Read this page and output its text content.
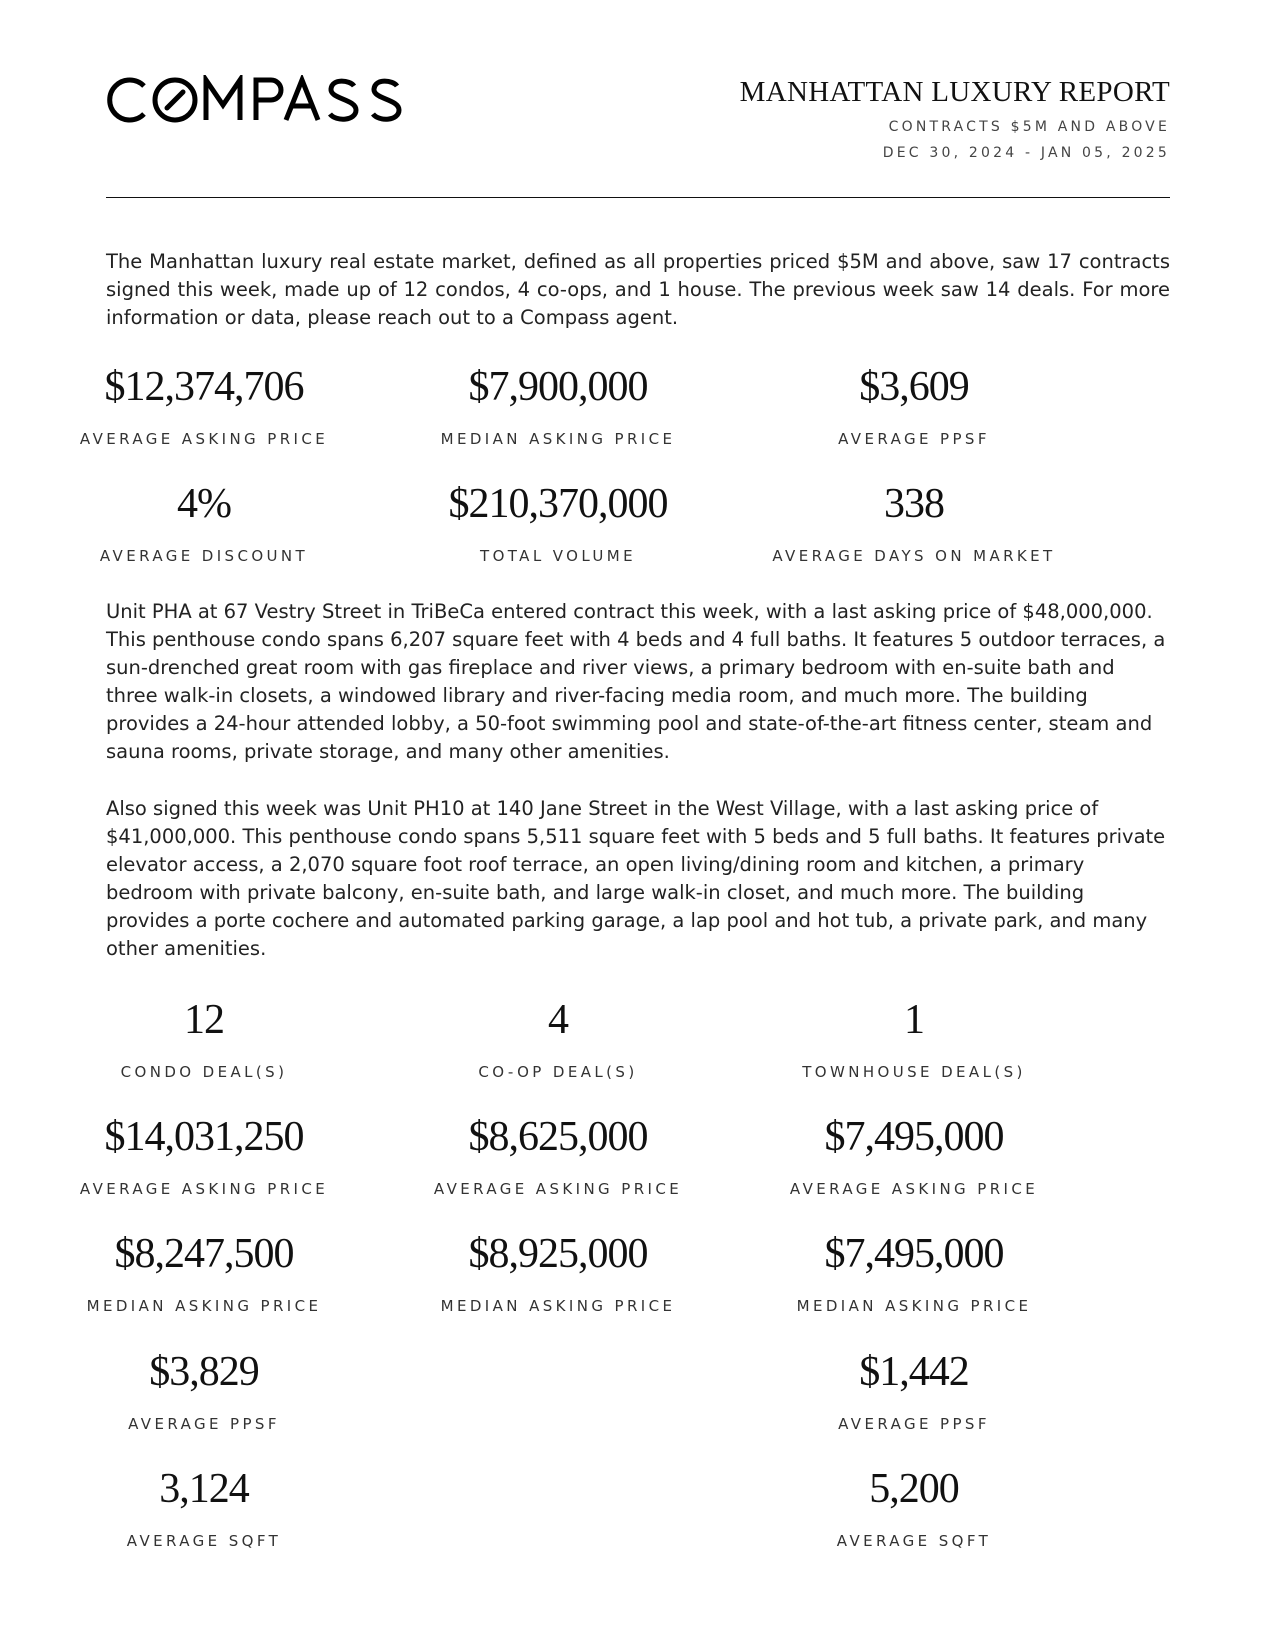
MANHATTAN LUXURY REPORT
CONTRACTS $5M AND ABOVE
DEC 30, 2024 - JAN 05, 2025

The Manhattan luxury real estate market, defined as all properties priced $5M and above, saw 17 contracts signed this week, made up of 12 condos, 4 co-ops, and 1 house. The previous week saw 14 deals. For more information or data, please reach out to a Compass agent.

$12,374,706
AVERAGE ASKING PRICE
$7,900,000
MEDIAN ASKING PRICE
$3,609
AVERAGE PPSF
4%
AVERAGE DISCOUNT
$210,370,000
TOTAL VOLUME
338
AVERAGE DAYS ON MARKET

Unit PHA at 67 Vestry Street in TriBeCa entered contract this week, with a last asking price of $48,000,000. This penthouse condo spans 6,207 square feet with 4 beds and 4 full baths. It features 5 outdoor terraces, a sun-drenched great room with gas fireplace and river views, a primary bedroom with en-suite bath and three walk-in closets, a windowed library and river-facing media room, and much more. The building provides a 24-hour attended lobby, a 50-foot swimming pool and state-of-the-art fitness center, steam and sauna rooms, private storage, and many other amenities.

Also signed this week was Unit PH10 at 140 Jane Street in the West Village, with a last asking price of $41,000,000. This penthouse condo spans 5,511 square feet with 5 beds and 5 full baths. It features private elevator access, a 2,070 square foot roof terrace, an open living/dining room and kitchen, a primary bedroom with private balcony, en-suite bath, and large walk-in closet, and much more. The building provides a porte cochere and automated parking garage, a lap pool and hot tub, a private park, and many other amenities.

12
CONDO DEAL(S)
$14,031,250
AVERAGE ASKING PRICE
$8,247,500
MEDIAN ASKING PRICE
$3,829
AVERAGE PPSF
3,124
AVERAGE SQFT
4
CO-OP DEAL(S)
$8,625,000
AVERAGE ASKING PRICE
$8,925,000
MEDIAN ASKING PRICE
1
TOWNHOUSE DEAL(S)
$7,495,000
AVERAGE ASKING PRICE
$7,495,000
MEDIAN ASKING PRICE
$1,442
AVERAGE PPSF
5,200
AVERAGE SQFT
